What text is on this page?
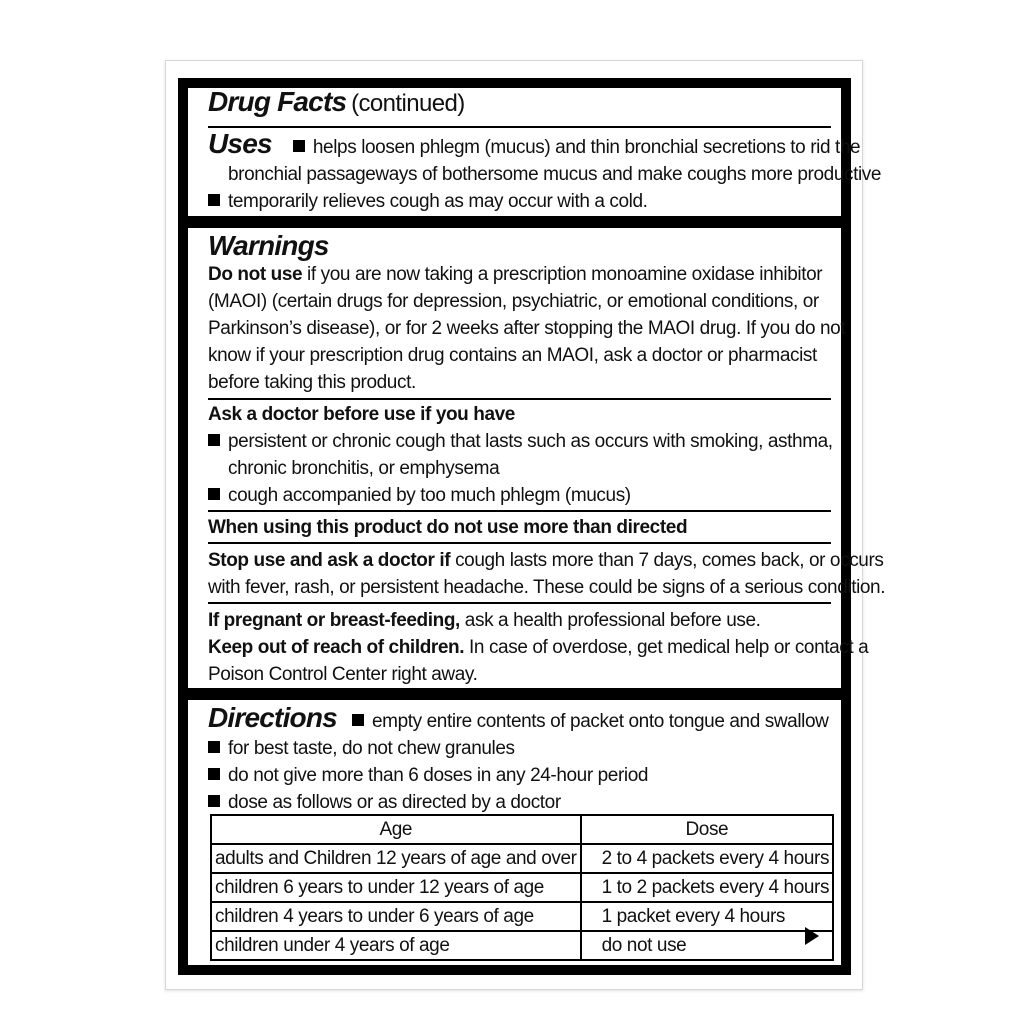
Drug Facts (continued)
Uses helps loosen phlegm (mucus) and thin bronchial secretions to rid the
bronchial passageways of bothersome mucus and make coughs more productive
temporarily relieves cough as may occur with a cold.
Warnings
Do not use if you are now taking a prescription monoamine oxidase inhibitor
(MAOI) (certain drugs for depression, psychiatric, or emotional conditions, or
Parkinson’s disease), or for 2 weeks after stopping the MAOI drug. If you do not
know if your prescription drug contains an MAOI, ask a doctor or pharmacist
before taking this product.
Ask a doctor before use if you have
persistent or chronic cough that lasts such as occurs with smoking, asthma,
chronic bronchitis, or emphysema
cough accompanied by too much phlegm (mucus)
When using this product do not use more than directed
Stop use and ask a doctor if cough lasts more than 7 days, comes back, or occurs
with fever, rash, or persistent headache. These could be signs of a serious condition.
If pregnant or breast-feeding, ask a health professional before use.
Keep out of reach of children. In case of overdose, get medical help or contact a
Poison Control Center right away.
Directions empty entire contents of packet onto tongue and swallow
for best taste, do not chew granules
do not give more than 6 doses in any 24-hour period
dose as follows or as directed by a doctor
Age	Dose
adults and Children 12 years of age and over	2 to 4 packets every 4 hours
children 6 years to under 12 years of age	1 to 2 packets every 4 hours
children 4 years to under 6 years of age	1 packet every 4 hours
children under 4 years of age	do not use
